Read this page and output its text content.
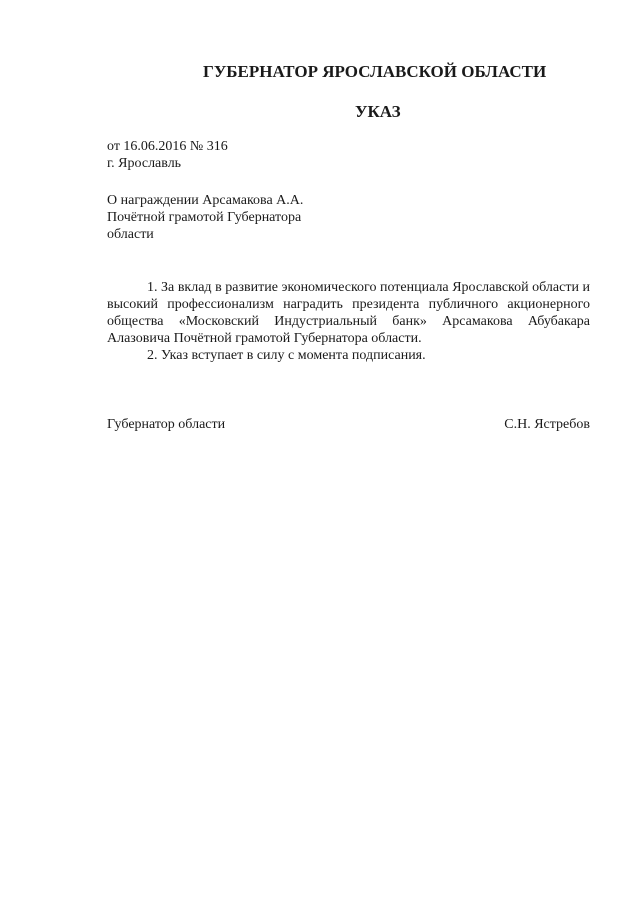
ГУБЕРНАТОР ЯРОСЛАВСКОЙ ОБЛАСТИ
УКАЗ
от 16.06.2016 № 316
г. Ярославль
О награждении Арсамакова А.А.
Почётной грамотой Губернатора
области

1. За вклад в развитие экономического потенциала Ярославской области и высокий профессионализм наградить президента публичного акционерного общества «Московский Индустриальный банк» Арсамакова Абубакара Алазовича Почётной грамотой Губернатора области.

2. Указ вступает в силу с момента подписания.

Губернатор области	С.Н. Ястребов
